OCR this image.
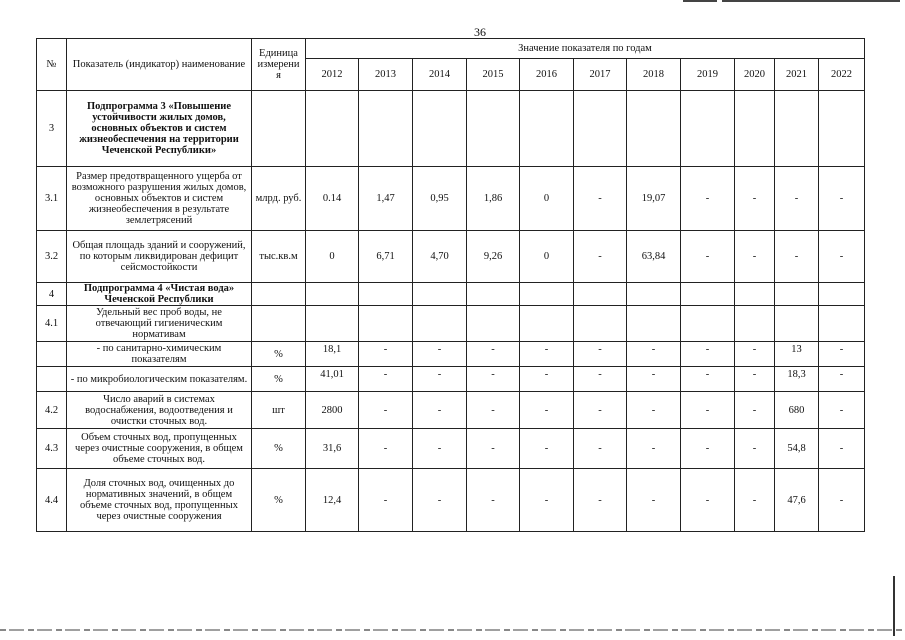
36
№	Показатель (индикатор) наименование	Единица измерени я	Значение показателя по годам										
			2012	2013	2014	2015	2016	2017	2018	2019	2020	2021	2022
3	Подпрограмма 3 «Повышение устойчивости жилых домов, основных объектов и систем жизнеобеспечения на территории Чеченской Республики»												
3.1	Размер предотвращенного ущерба от возможного разрушения жилых домов, основных объектов и систем жизнеобеспечения в результате землетрясений	млрд. руб.	0.14	1,47	0,95	1,86	0	-	19,07	-	-	-	-
3.2	Общая площадь зданий и сооружений, по которым ликвидирован дефицит сейсмостойкости	тыс.кв.м	0	6,71	4,70	9,26	0	-	63,84	-	-	-	-
4	Подпрограмма 4 «Чистая вода» Чеченской Республики												
4.1	Удельный вес проб воды, не отвечающий гигиеническим нормативам												
	- по санитарно-химическим показателям	%	18,1	-	-	-	-	-	-	-	-	13	-
	- по микробиологическим показателям.	%	41,01	-	-	-	-	-	-	-	-	18,3	-
4.2	Число аварий в системах водоснабжения, водоотведения и очистки сточных вод.	шт	2800	-	-	-	-	-	-	-	-	680	-
4.3	Объем сточных вод, пропущенных через очистные сооружения, в общем объеме сточных вод.	%	31,6	-	-	-	-	-	-	-	-	54,8	-
4.4	Доля сточных вод, очищенных до нормативных значений, в общем объеме сточных вод, пропущенных через очистные сооружения	%	12,4	-	-	-	-	-	-	-	-	47,6	-
